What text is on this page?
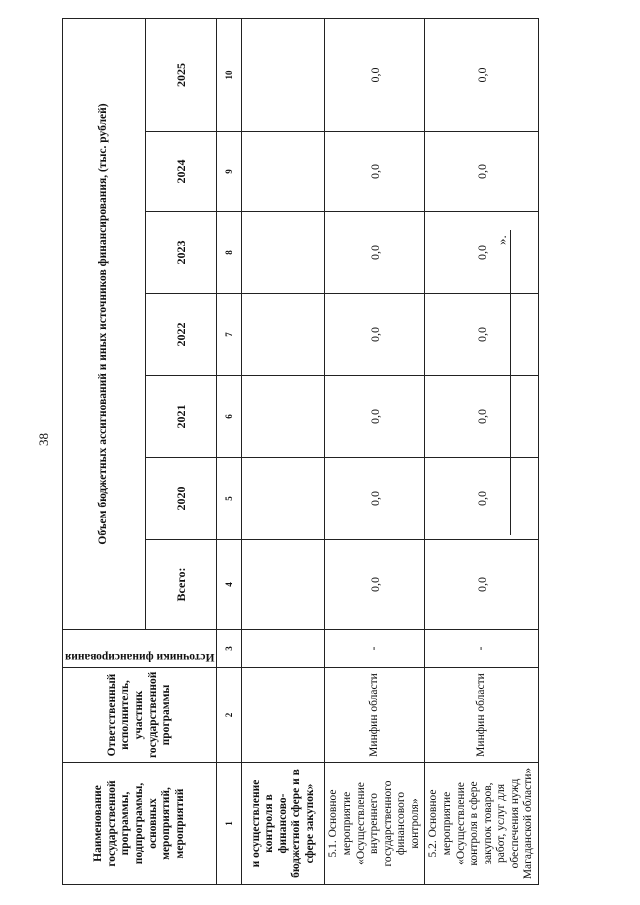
38
Наименование государственной программы, подпрограммы, основных мероприятий, мероприятий	Ответственный исполнитель, участник государственной программы	Источники финансирования	Объем бюджетных ассигнований и иных источников финансирования, (тыс. рублей)						
			Всего:	2020	2021	2022	2023	2024	2025
1	2	3	4	5	6	7	8	9	10
и осуществление контроля в финансово-бюджетной сфере и в сфере закупок»									
5.1. Основное мероприятие «Осуществление внутреннего государственного финансового контроля»	Минфин области	-	0,0	0,0	0,0	0,0	0,0	0,0	0,0
5.2. Основное мероприятие «Осуществление контроля в сфере закупок товаров, работ, услуг для обеспечения нужд Магаданской области»	Минфин области	-	0,0	0,0	0,0	0,0	0,0	0,0	0,0
».
